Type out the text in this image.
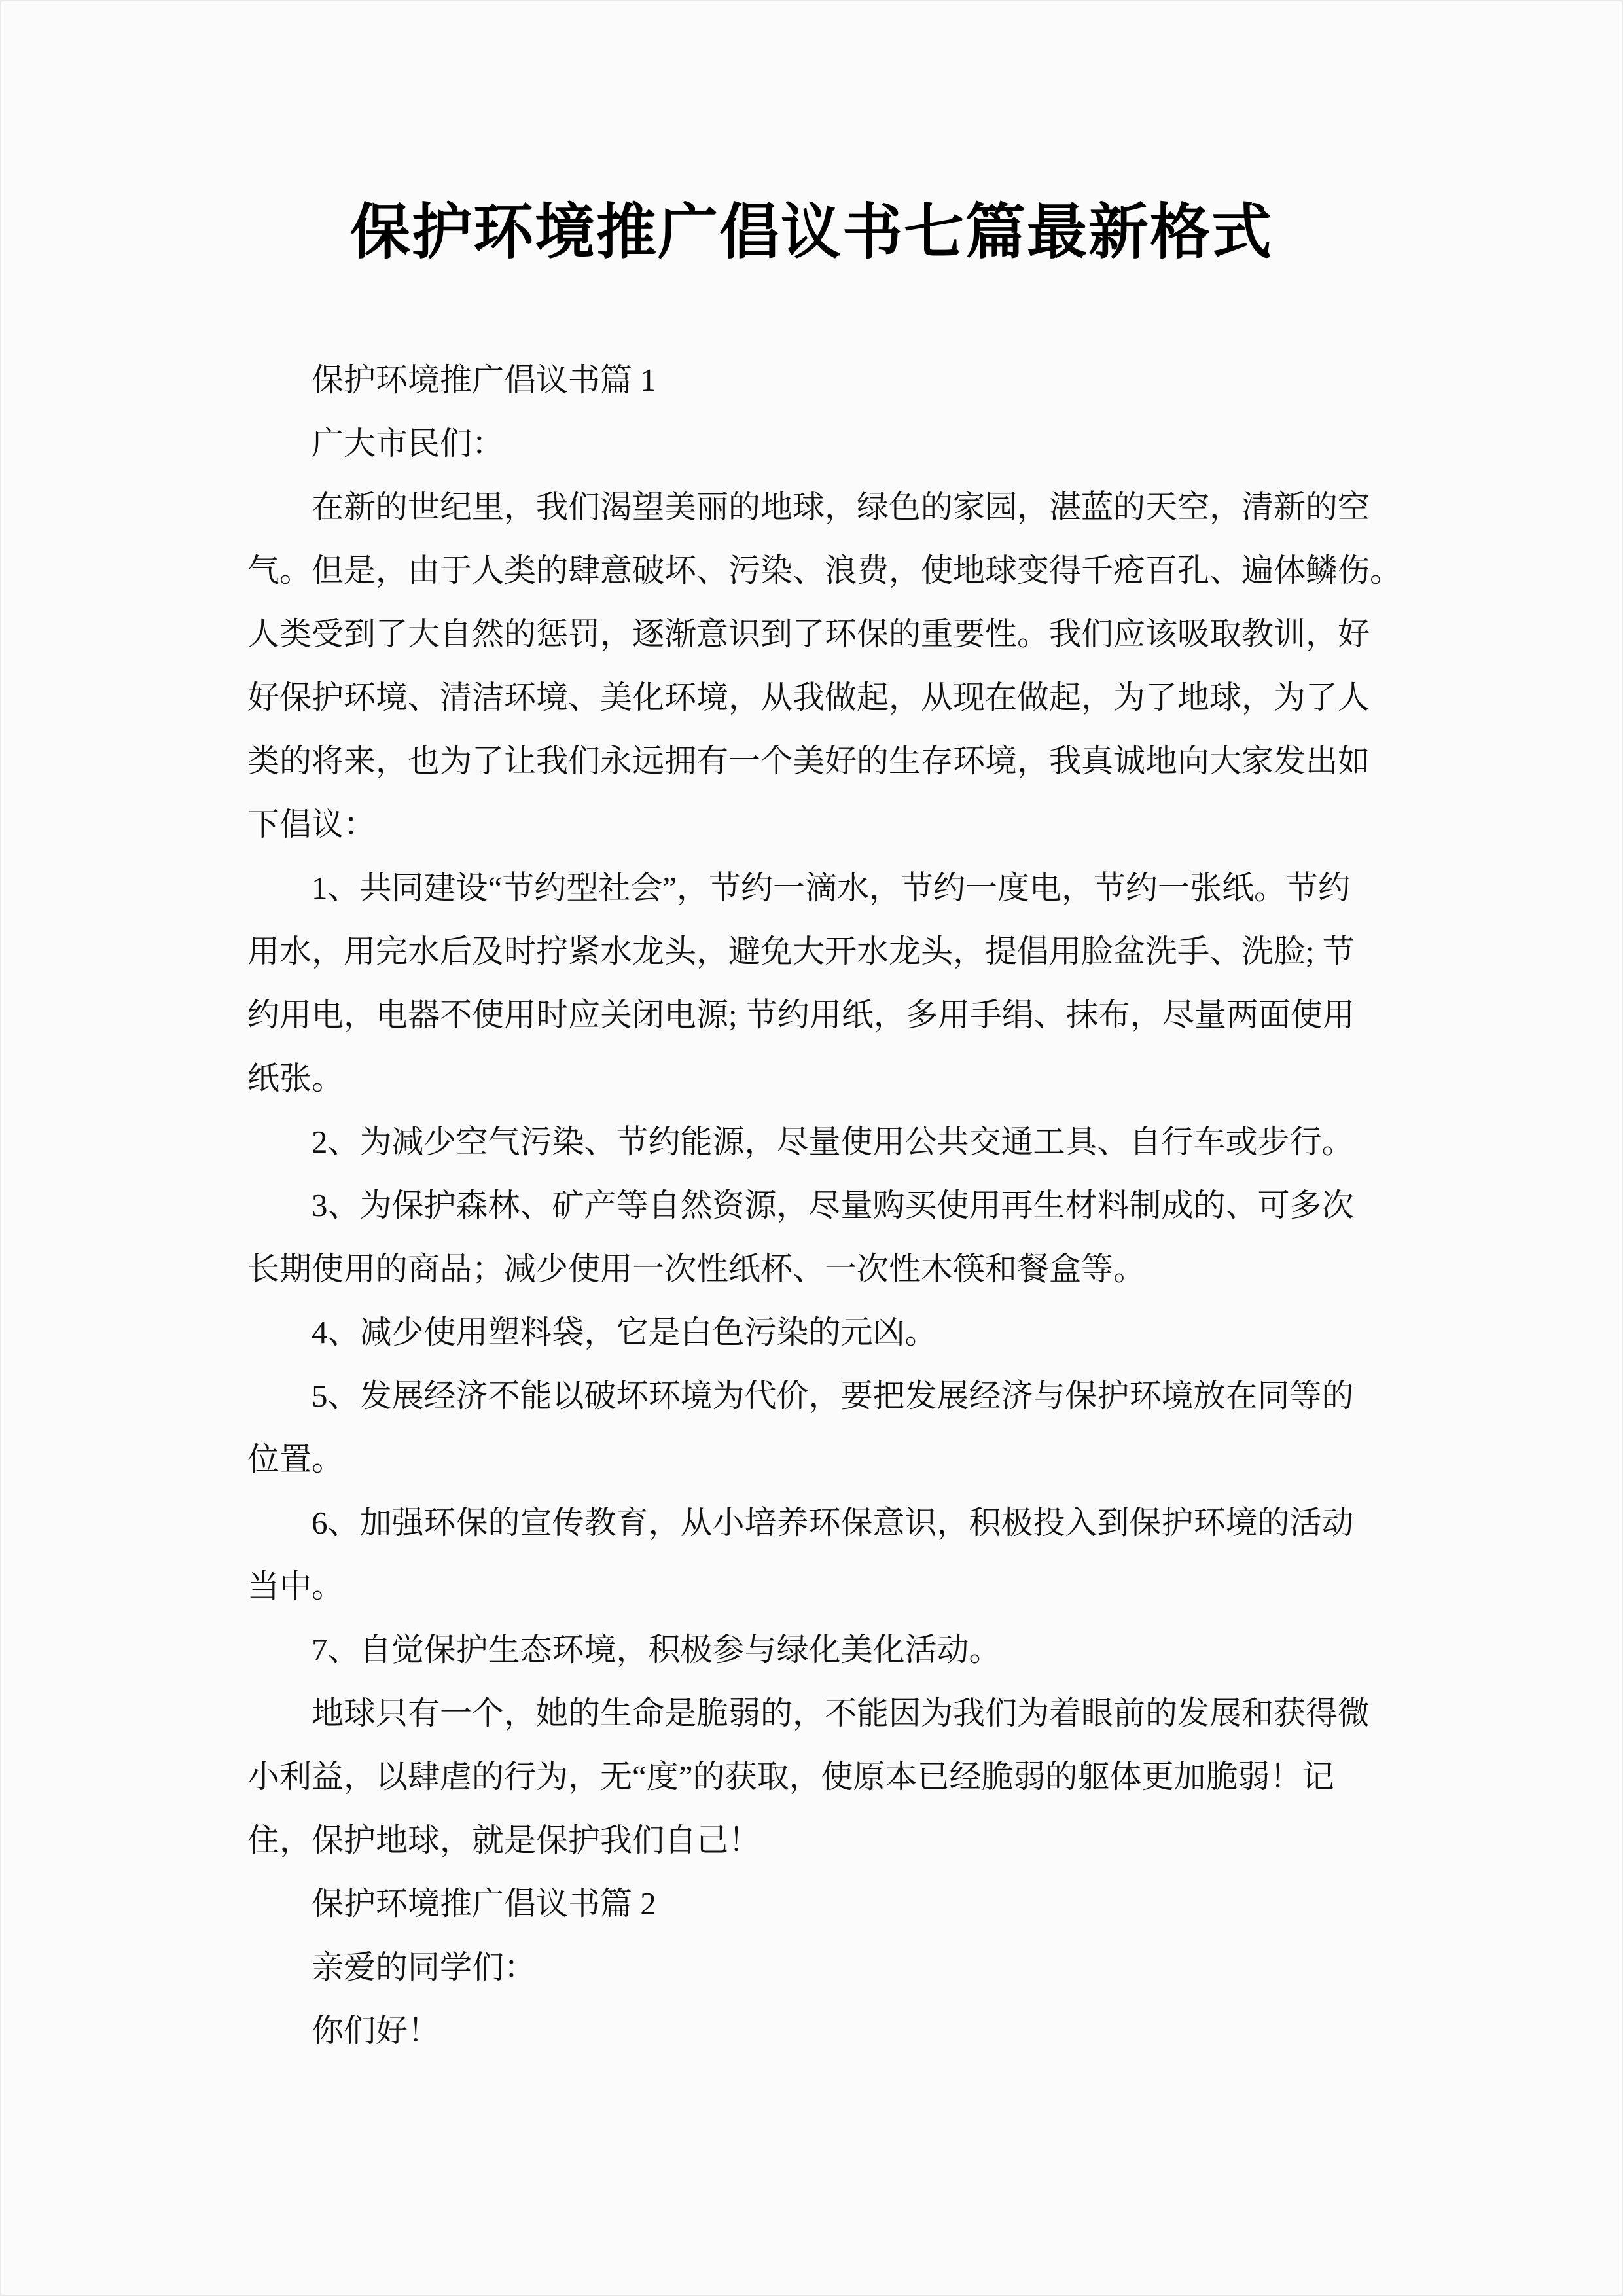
保护环境推广倡议书七篇最新格式
保护环境推广倡议书篇 1
广大市民们：
在新的世纪里，我们渴望美丽的地球，绿色的家园，湛蓝的天空，清新的空
气。但是，由于人类的肆意破坏、污染、浪费，使地球变得千疮百孔、遍体鳞伤。
人类受到了大自然的惩罚，逐渐意识到了环保的重要性。我们应该吸取教训，好
好保护环境、清洁环境、美化环境，从我做起，从现在做起，为了地球，为了人
类的将来，也为了让我们永远拥有一个美好的生存环境，我真诚地向大家发出如
下倡议：
1、共同建设“节约型社会”，节约一滴水，节约一度电，节约一张纸。节约
用水，用完水后及时拧紧水龙头，避免大开水龙头，提倡用脸盆洗手、洗脸; 节
约用电，电器不使用时应关闭电源; 节约用纸，多用手绢、抹布，尽量两面使用
纸张。
2、为减少空气污染、节约能源，尽量使用公共交通工具、自行车或步行。
3、为保护森林、矿产等自然资源，尽量购买使用再生材料制成的、可多次
长期使用的商品；减少使用一次性纸杯、一次性木筷和餐盒等。
4、减少使用塑料袋，它是白色污染的元凶。
5、发展经济不能以破坏环境为代价，要把发展经济与保护环境放在同等的
位置。
6、加强环保的宣传教育，从小培养环保意识，积极投入到保护环境的活动
当中。
7、自觉保护生态环境，积极参与绿化美化活动。
地球只有一个，她的生命是脆弱的，不能因为我们为着眼前的发展和获得微
小利益，以肆虐的行为，无“度”的获取，使原本已经脆弱的躯体更加脆弱！记
住，保护地球，就是保护我们自己！
保护环境推广倡议书篇 2
亲爱的同学们：
你们好！
